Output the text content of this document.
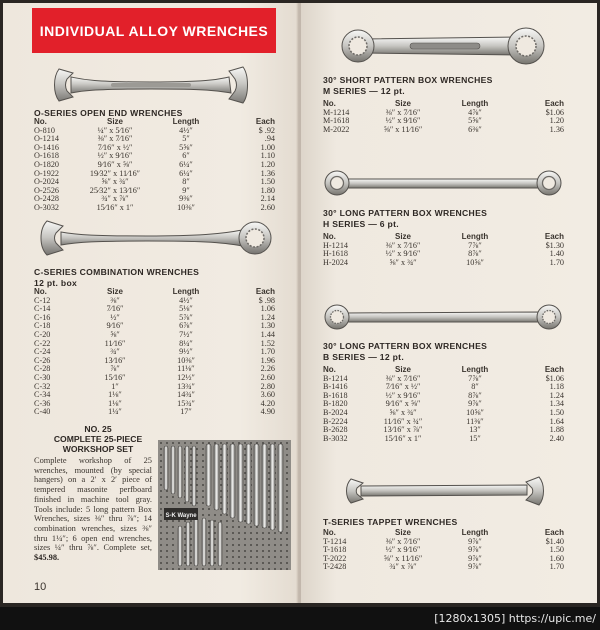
INDIVIDUAL ALLOY WRENCHES
O-SERIES OPEN END WRENCHES
No.	Size	Length	Each
O-810	¼″ x 5⁄16″	4½″	$ .92
O-1214	⅜″ x 7⁄16″	5″	.94
O-1416	7⁄16″ x ½″	5⅝″	1.00
O-1618	½″ x 9⁄16″	6″	1.10
O-1820	9⁄16″ x ⅝″	6¼″	1.20
O-1922	19⁄32″ x 11⁄16″	6¼″	1.36
O-2024	⅝″ x ¾″	8″	1.50
O-2526	25⁄32″ x 13⁄16″	9″	1.80
O-2428	¾″ x ⅞″	9⅜″	2.14
O-3032	15⁄16″ x 1″	10⅜″	2.60
C-SERIES COMBINATION WRENCHES
12 pt. box
No.	Size	Length	Each
C-12	⅜″	4½″	$ .98
C-14	7⁄16″	5⅛″	1.06
C-16	½″	5⅞″	1.24
C-18	9⁄16″	6⅞″	1.30
C-20	⅝″	7½″	1.44
C-22	11⁄16″	8¼″	1.52
C-24	¾″	9½″	1.70
C-26	13⁄16″	10⅜″	1.96
C-28	⅞″	11⅛″	2.26
C-30	15⁄16″	12½″	2.60
C-32	1″	13¾″	2.80
C-34	1⅛″	14¾″	3.60
C-36	1⅛″	15¾″	4.20
C-40	1¼″	17″	4.90
NO. 25
COMPLETE 25-PIECE
WORKSHOP SET
Complete workshop of 25 wrenches, mounted (by special hangers) on a 2′ x 2′ piece of tempered masonite perfboard finished in machine tool gray. Tools include: 5 long pattern Box Wrenches, sizes ⅜″ thru ⅞″; 14 combination wrenches, sizes ⅜″ thru 1¼″; 6 open end wrenches, sizes ¼″ thru ⅞″. Complete set, $45.98.
S-K Wayne
10
30° SHORT PATTERN BOX WRENCHES
M SERIES — 12 pt.
No.	Size	Length	Each
M-1214	⅜″ x 7⁄16″	4⅞″	$1.06
M-1618	½″ x 9⁄16″	5⅝″	1.20
M-2022	⅝″ x 11⁄16″	6⅜″	1.36
30° LONG PATTERN BOX WRENCHES
H SERIES — 6 pt.
No.	Size	Length	Each
H-1214	⅜″ x 7⁄16″	7⅞″	$1.30
H-1618	½″ x 9⁄16″	8⅞″	1.40
H-2024	⅝″ x ¾″	10⅝″	1.70
30° LONG PATTERN BOX WRENCHES
B SERIES — 12 pt.
No.	Size	Length	Each
B-1214	⅜″ x 7⁄16″	7⅞″	$1.06
B-1416	7⁄16″ x ½″	8″	1.18
B-1618	½″ x 9⁄16″	8⅞″	1.24
B-1820	9⁄16″ x ⅝″	9⅞″	1.34
B-2024	⅝″ x ¾″	10⅝″	1.50
B-2224	11⁄16″ x ¾″	11⅜″	1.64
B-2628	13⁄16″ x ⅞″	13″	1.88
B-3032	15⁄16″ x 1″	15″	2.40
T-SERIES TAPPET WRENCHES
No.	Size	Length	Each
T-1214	⅜″ x 7⁄16″	9⅞″	$1.40
T-1618	½″ x 9⁄16″	9⅞″	1.50
T-2022	⅝″ x 11⁄16″	9⅞″	1.60
T-2428	¾″ x ⅞″	9⅞″	1.70
[1280x1305] https://upic.me/
